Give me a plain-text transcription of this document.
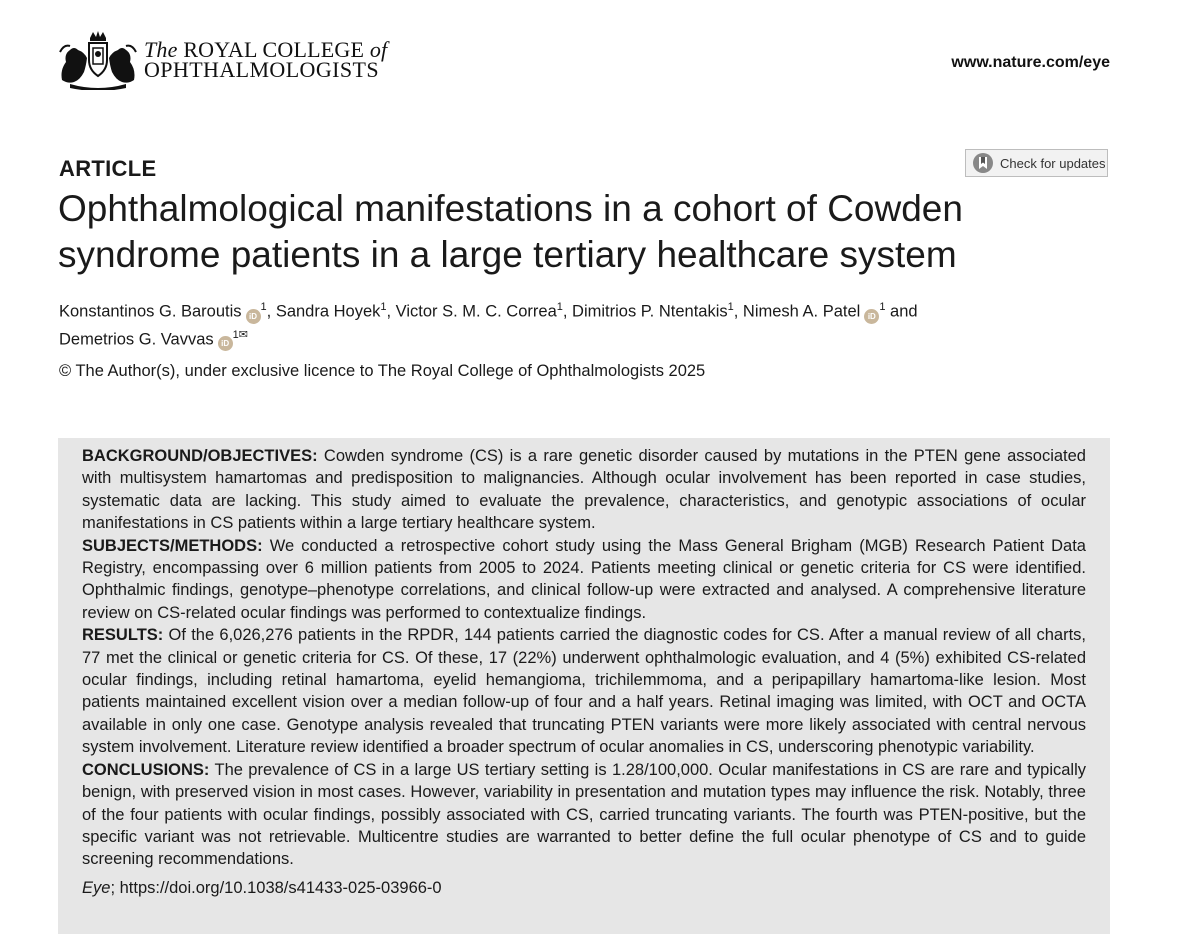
The ROYAL COLLEGE of
OPHTHALMOLOGISTS	www.nature.com/eye
ARTICLE	Check for updates
Ophthalmological manifestations in a cohort of Cowden syndrome patients in a large tertiary healthcare system
Konstantinos G. Baroutis $iD^1$, Sandra Hoyek$^1$, Victor S. M. C. Correa$^1$, Dimitrios P. Ntentakis$^1$, Nimesh A. Patel $iD^1$ and
Demetrios G. Vavvas $iD^{1✉}$
© The Author(s), under exclusive licence to The Royal College of Ophthalmologists 2025

BACKGROUND/OBJECTIVES: Cowden syndrome (CS) is a rare genetic disorder caused by mutations in the PTEN gene associated with multisystem hamartomas and predisposition to malignancies. Although ocular involvement has been reported in case studies, systematic data are lacking. This study aimed to evaluate the prevalence, characteristics, and genotypic associations of ocular manifestations in CS patients within a large tertiary healthcare system.

SUBJECTS/METHODS: We conducted a retrospective cohort study using the Mass General Brigham (MGB) Research Patient Data Registry, encompassing over 6 million patients from 2005 to 2024. Patients meeting clinical or genetic criteria for CS were identified. Ophthalmic findings, genotype–phenotype correlations, and clinical follow-up were extracted and analysed. A comprehensive literature review on CS-related ocular findings was performed to contextualize findings.

RESULTS: Of the 6,026,276 patients in the RPDR, 144 patients carried the diagnostic codes for CS. After a manual review of all charts, 77 met the clinical or genetic criteria for CS. Of these, 17 (22%) underwent ophthalmologic evaluation, and 4 (5%) exhibited CS-related ocular findings, including retinal hamartoma, eyelid hemangioma, trichilemmoma, and a peripapillary hamartoma-like lesion. Most patients maintained excellent vision over a median follow-up of four and a half years. Retinal imaging was limited, with OCT and OCTA available in only one case. Genotype analysis revealed that truncating PTEN variants were more likely associated with central nervous system involvement. Literature review identified a broader spectrum of ocular anomalies in CS, underscoring phenotypic variability.

CONCLUSIONS: The prevalence of CS in a large US tertiary setting is 1.28/100,000. Ocular manifestations in CS are rare and typically benign, with preserved vision in most cases. However, variability in presentation and mutation types may influence the risk. Notably, three of the four patients with ocular findings, possibly associated with CS, carried truncating variants. The fourth was PTEN-positive, but the specific variant was not retrievable. Multicentre studies are warranted to better define the full ocular phenotype of CS and to guide screening recommendations.

Eye; https://doi.org/10.1038/s41433-025-03966-0
